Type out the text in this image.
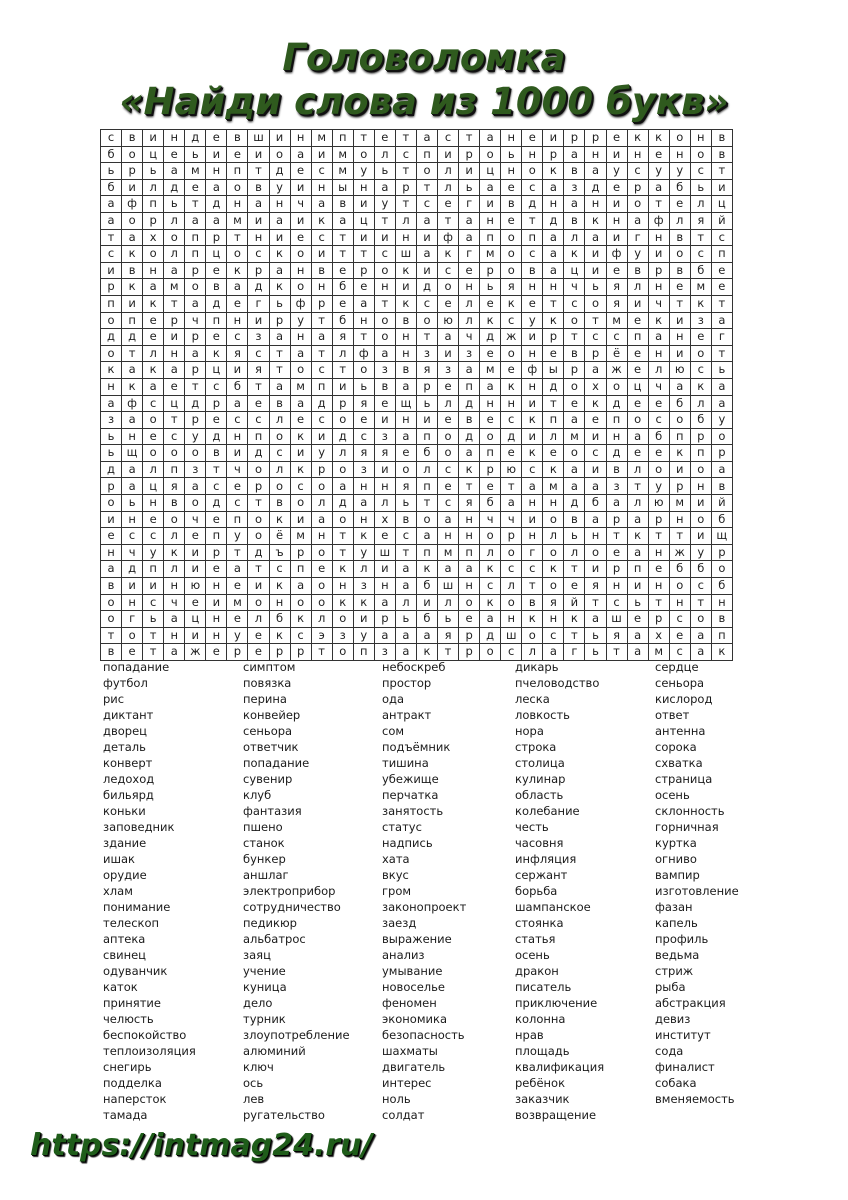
Головоломка
«Найди слова из 1000 букв»
с	в	и	н	д	е	в	ш	и	н	м	п	т	е	т	а	с	т	а	н	е	и	р	р	е	к	к	о	н	в
б	о	ц	е	ь	и	е	и	о	а	и	м	о	л	с	п	и	р	о	ь	н	р	а	н	и	н	е	н	о	в
ь	р	ь	а	м	н	п	т	д	е	с	м	у	ь	т	о	л	и	ц	н	о	к	в	а	у	с	у	у	с	т
б	и	л	д	е	а	о	в	у	и	н	ы	н	а	р	т	л	ь	а	е	с	а	з	д	е	р	а	б	ь	и
а	ф	п	ь	т	д	н	а	н	ч	а	в	и	у	т	с	е	г	и	в	д	н	а	н	и	о	т	е	л	ц
а	о	р	л	а	а	м	и	а	и	к	а	ц	т	л	а	т	а	н	е	т	д	в	к	н	а	ф	л	я	й
т	а	х	о	п	р	т	н	и	е	с	т	и	и	н	и	ф	а	п	о	п	а	л	а	и	г	н	в	т	с
с	к	о	л	п	ц	о	с	к	о	и	т	т	с	ш	а	к	г	м	о	с	а	к	и	ф	у	и	о	с	п
и	в	н	а	р	е	к	р	а	н	в	е	р	о	к	и	с	е	р	о	в	а	ц	и	е	в	р	в	б	е
р	к	а	м	о	в	а	д	к	о	н	б	е	н	и	д	о	н	ь	я	н	н	ч	ь	я	л	н	е	м	е
п	и	к	т	а	д	е	г	ь	ф	р	е	а	т	к	с	е	л	е	к	е	т	с	о	я	и	ч	т	к	т
о	п	е	р	ч	п	н	и	р	у	т	б	н	о	в	о	ю	л	к	с	у	к	о	т	м	е	к	и	з	а
д	д	е	и	р	е	с	з	а	н	а	я	т	о	н	т	а	ч	д	ж	и	р	т	с	с	п	а	н	е	г
о	т	л	н	а	к	я	с	т	а	т	л	ф	а	н	з	и	з	е	о	н	е	в	р	ё	е	н	и	о	т
к	а	к	а	р	ц	и	я	т	о	с	т	о	з	в	я	з	а	м	е	ф	ы	р	а	ж	е	л	ю	с	ь
н	к	а	е	т	с	б	т	а	м	п	и	ь	в	а	р	е	п	а	к	н	д	о	х	о	ц	ч	а	к	а
а	ф	с	ц	д	р	а	е	в	а	д	р	я	е	щ	ь	л	д	н	н	и	т	е	к	д	е	е	б	л	а
з	а	о	т	р	е	с	с	л	е	с	о	е	и	н	и	е	в	е	с	к	п	а	е	п	о	с	о	б	у
ь	н	е	с	у	д	н	п	о	к	и	д	с	з	а	п	о	д	о	д	и	л	м	и	н	а	б	п	р	о
ь	щ	о	о	о	в	и	д	с	и	у	л	я	я	е	б	о	а	п	е	к	е	о	с	д	е	е	к	п	р
д	а	л	п	з	т	ч	о	л	к	р	о	з	и	о	л	с	к	р	ю	с	к	а	и	в	л	о	и	о	а
р	а	ц	я	а	с	е	р	о	с	о	а	н	н	я	п	е	т	е	т	а	м	а	а	з	т	у	р	н	в
о	ь	н	в	о	д	с	т	в	о	л	д	а	л	ь	т	с	я	б	а	н	н	д	б	а	л	ю	м	и	й
и	н	е	о	ч	е	п	о	к	и	а	о	н	х	в	о	а	н	ч	ч	и	о	в	а	р	а	р	н	о	б
е	с	с	л	е	п	у	о	ё	м	н	т	к	е	с	а	н	н	о	р	н	л	ь	н	т	к	т	т	и	щ
н	ч	у	к	и	р	т	д	ъ	р	о	т	у	ш	т	п	м	п	л	о	г	о	л	о	е	а	н	ж	у	р
а	д	п	л	и	е	а	т	с	п	е	к	л	и	а	к	а	а	к	с	с	к	т	и	р	п	е	б	б	о
в	и	и	н	ю	н	е	и	к	а	о	н	з	н	а	б	ш	н	с	л	т	о	е	я	н	и	н	о	с	б
о	н	с	ч	е	и	м	о	н	о	о	к	к	а	л	и	л	о	к	о	в	я	й	т	с	ь	т	н	т	н
о	г	ь	а	ц	н	е	л	б	к	л	о	и	р	ь	б	ь	е	а	н	к	н	к	а	ш	е	р	с	о	в
т	о	т	н	и	н	у	е	к	с	э	з	у	а	а	а	я	р	д	ш	о	с	т	ь	я	а	х	е	а	п
в	е	т	а	ж	е	р	е	р	р	т	о	п	з	а	к	т	р	о	с	л	а	г	ь	т	а	м	с	а	к
попадание
футбол
рис
диктант
дворец
деталь
конверт
ледоход
бильярд
коньки
заповедник
здание
ишак
орудие
хлам
понимание
телескоп
аптека
свинец
одуванчик
каток
принятие
челюсть
беспокойство
теплоизоляция
снегирь
подделка
наперсток
тамада
симптом
повязка
перина
конвейер
сеньора
ответчик
попадание
сувенир
клуб
фантазия
пшено
станок
бункер
аншлаг
электроприбор
сотрудничество
педикюр
альбатрос
заяц
учение
куница
дело
турник
злоупотребление
алюминий
ключ
ось
лев
ругательство
небоскреб
простор
ода
антракт
сом
подъёмник
тишина
убежище
перчатка
занятость
статус
надпись
хата
вкус
гром
законопроект
заезд
выражение
анализ
умывание
новоселье
феномен
экономика
безопасность
шахматы
двигатель
интерес
ноль
солдат
дикарь
пчеловодство
леска
ловкость
нора
строка
столица
кулинар
область
колебание
честь
часовня
инфляция
сержант
борьба
шампанское
стоянка
статья
осень
дракон
писатель
приключение
колонна
нрав
площадь
квалификация
ребёнок
заказчик
возвращение
сердце
сеньора
кислород
ответ
антенна
сорока
схватка
страница
осень
склонность
горничная
куртка
огниво
вампир
изготовление
фазан
капель
профиль
ведьма
стриж
рыба
абстракция
девиз
институт
сода
финалист
собака
вменяемость
https://intmag24.ru/
